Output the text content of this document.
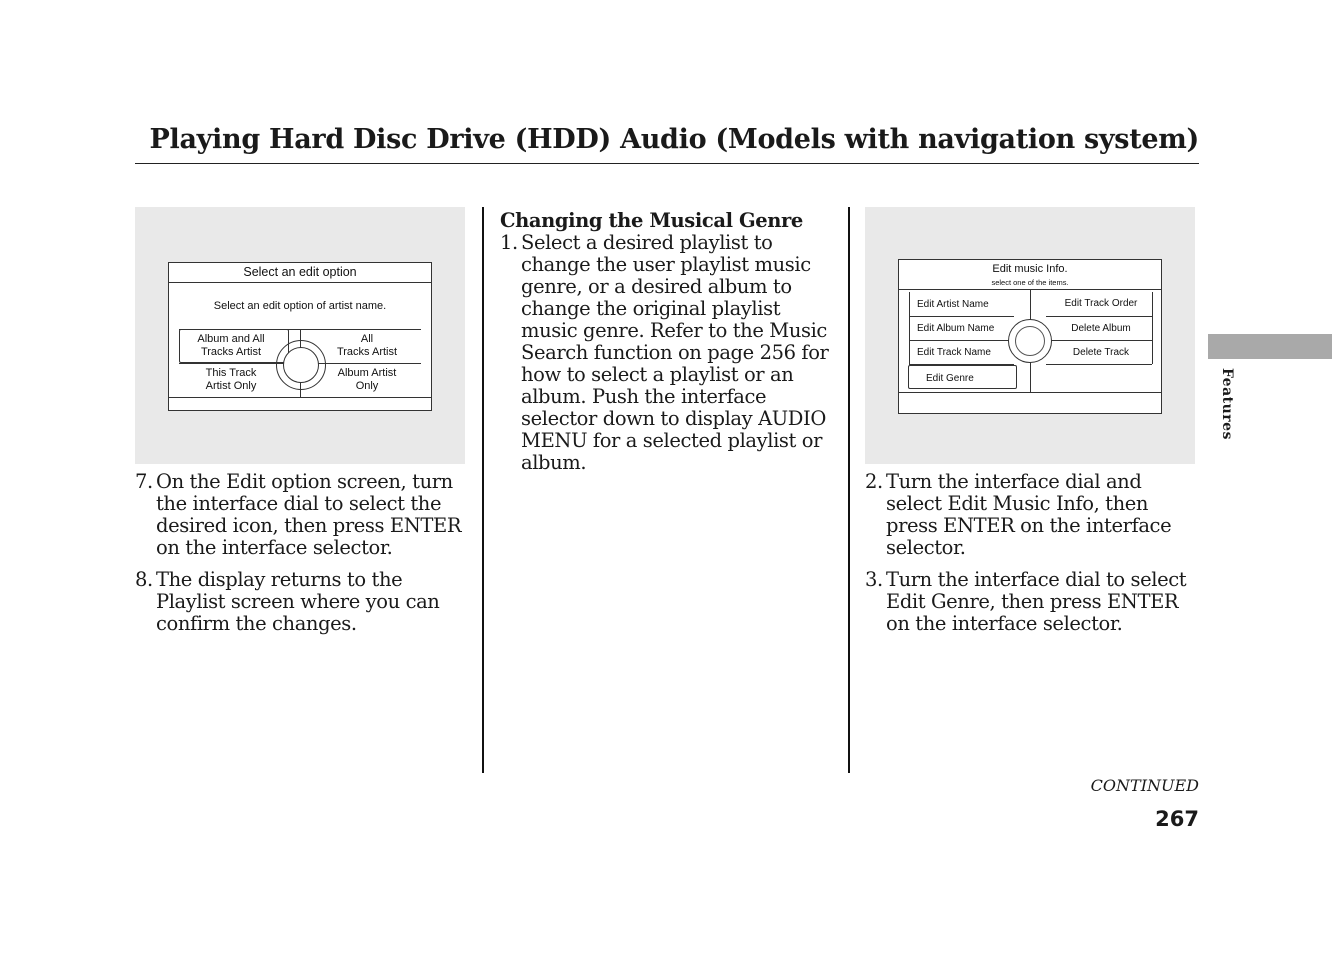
Playing Hard Disc Drive (HDD) Audio (Models with navigation system)
Select an edit option
Select an edit option of artist name.
Album and All
Tracks Artist
All
Tracks Artist
This Track
Artist Only
Album Artist
Only
7. On the Edit option screen, turn the interface dial to select the desired icon, then press ENTER on the interface selector.
8. The display returns to the Playlist screen where you can confirm the changes.
Changing the Musical Genre
1. Select a desired playlist to change the user playlist music genre, or a desired album to change the original playlist music genre. Refer to the Music Search function on page 256 for how to select a playlist or an album. Push the interface selector down to display AUDIO MENU for a selected playlist or album.
Edit music Info.
select one of the items.
Edit Artist Name
Edit Album Name
Edit Track Name
Edit Genre
Edit Track Order
Delete Album
Delete Track
2. Turn the interface dial and select Edit Music Info, then press ENTER on the interface selector.
3. Turn the interface dial to select Edit Genre, then press ENTER on the interface selector.
Features
CONTINUED
267
